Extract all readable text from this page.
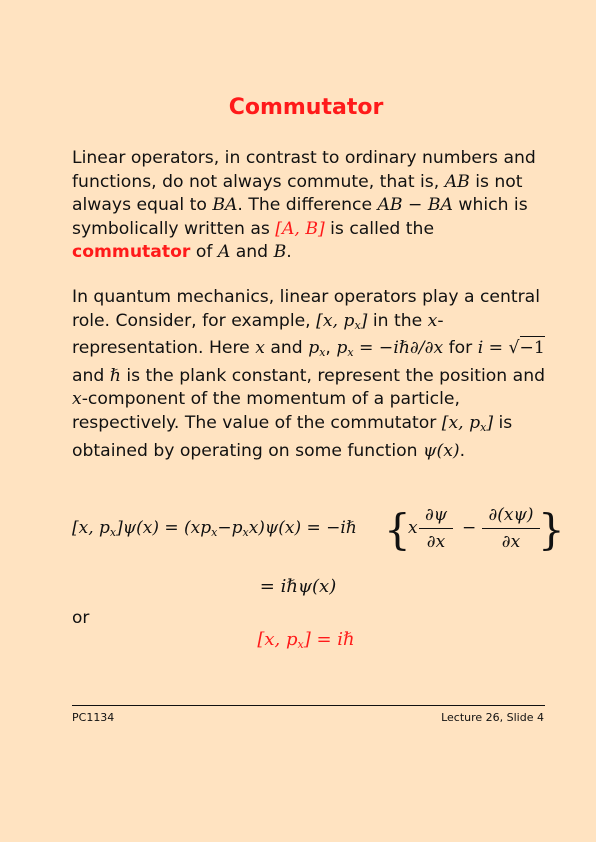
Commutator
Linear operators, in contrast to ordinary numbers and functions, do not always commute, that is, AB is not always equal to BA. The difference AB − BA which is symbolically written as [A, B] is called the commutator of A and B.
In quantum mechanics, linear operators play a central role. Consider, for example, [x, $p_x$] in the x-representation. Here x and $p_x$, $p_x$ = −iℏ∂/∂x for i = √−1 and ℏ is the plank constant, represent the position and x-component of the momentum of a particle, respectively. The value of the commutator [x, $p_x$] is obtained by operating on some function ψ(x).
[x, $p_x]\psi(x) = (xp_x-p_xx)\psi(x)$ = −iℏ {
x
∂ψ
∂x
−
∂(xψ)
∂x }
= iℏψ(x)
or
[x, $p_x$] = iℏ
PC1134	Lecture 26, Slide 4
